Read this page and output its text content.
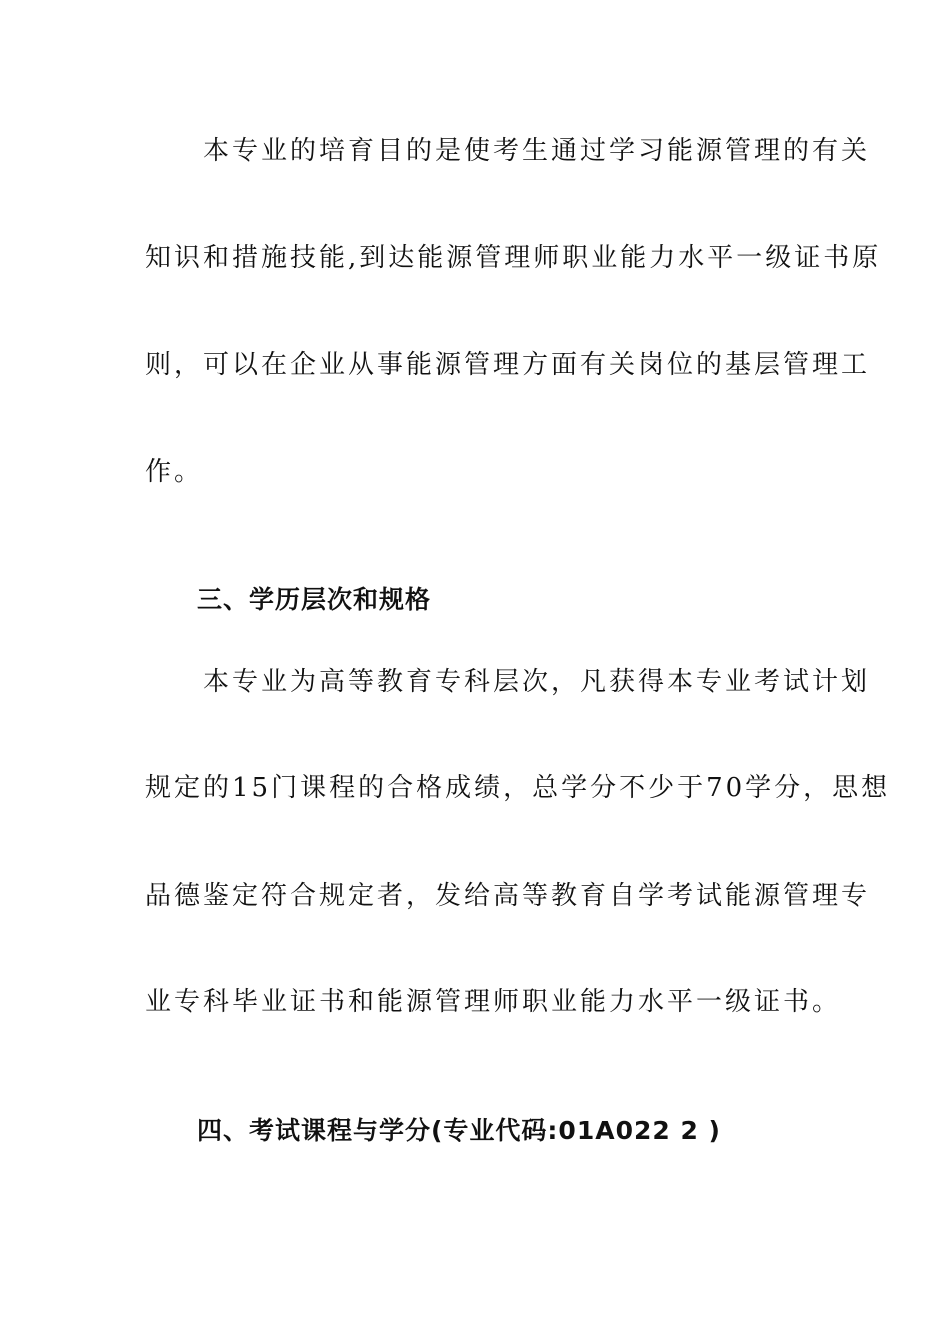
　　本专业的培育目的是使考生通过学习能源管理的有关
知识和措施技能,到达能源管理师职业能力水平一级证书原
则，可以在企业从事能源管理方面有关岗位的基层管理工
作。
三、学历层次和规格
　　本专业为高等教育专科层次，凡获得本专业考试计划
规定的15门课程的合格成绩，总学分不少于70学分，思想
品德鉴定符合规定者，发给高等教育自学考试能源管理专
业专科毕业证书和能源管理师职业能力水平一级证书。
四、考试课程与学分(专业代码:01A022 2 )
